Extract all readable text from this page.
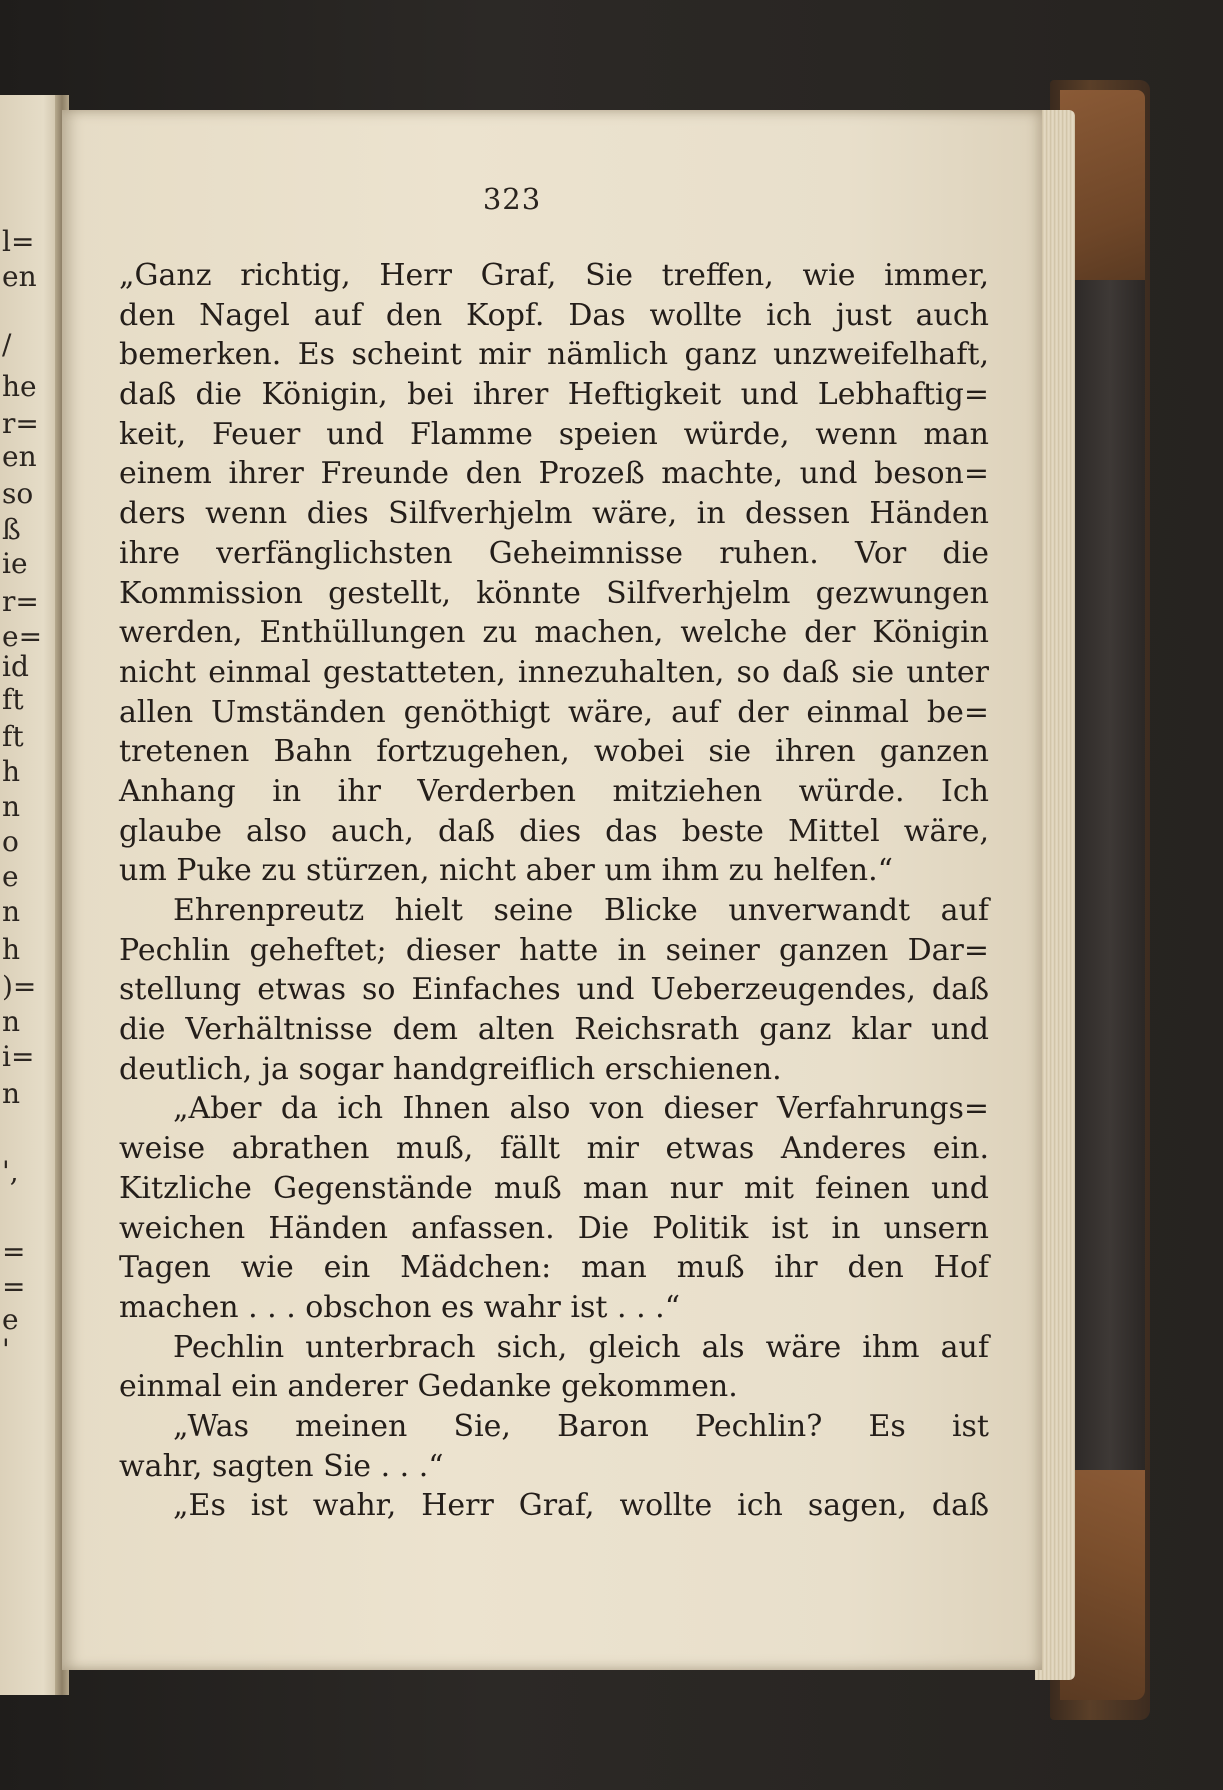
l=
en
/
he
r=
en
so
ß
ie
r=
e=
id
ft
ft
h
n
o
e
n
h
)=
n
i=
n
',
=
=
e
'
323
„Ganz richtig, Herr Graf, Sie treffen, wie immer,
den Nagel auf den Kopf. Das wollte ich just auch
bemerken. Es scheint mir nämlich ganz unzweifelhaft,
daß die Königin, bei ihrer Heftigkeit und Lebhaftig=
keit, Feuer und Flamme speien würde, wenn man
einem ihrer Freunde den Prozeß machte, und beson=
ders wenn dies Silfverhjelm wäre, in dessen Händen
ihre verfänglichsten Geheimnisse ruhen. Vor die
Kommission gestellt, könnte Silfverhjelm gezwungen
werden, Enthüllungen zu machen, welche der Königin
nicht einmal gestatteten, innezuhalten, so daß sie unter
allen Umständen genöthigt wäre, auf der einmal be=
tretenen Bahn fortzugehen, wobei sie ihren ganzen
Anhang in ihr Verderben mitziehen würde. Ich
glaube also auch, daß dies das beste Mittel wäre,
um Puke zu stürzen, nicht aber um ihm zu helfen.“
Ehrenpreutz hielt seine Blicke unverwandt auf
Pechlin geheftet; dieser hatte in seiner ganzen Dar=
stellung etwas so Einfaches und Ueberzeugendes, daß
die Verhältnisse dem alten Reichsrath ganz klar und
deutlich, ja sogar handgreiflich erschienen.
„Aber da ich Ihnen also von dieser Verfahrungs=
weise abrathen muß, fällt mir etwas Anderes ein.
Kitzliche Gegenstände muß man nur mit feinen und
weichen Händen anfassen. Die Politik ist in unsern
Tagen wie ein Mädchen: man muß ihr den Hof
machen . . . obschon es wahr ist . . .“
Pechlin unterbrach sich, gleich als wäre ihm auf
einmal ein anderer Gedanke gekommen.
„Was meinen Sie, Baron Pechlin? Es ist
wahr, sagten Sie . . .“
„Es ist wahr, Herr Graf, wollte ich sagen, daß
